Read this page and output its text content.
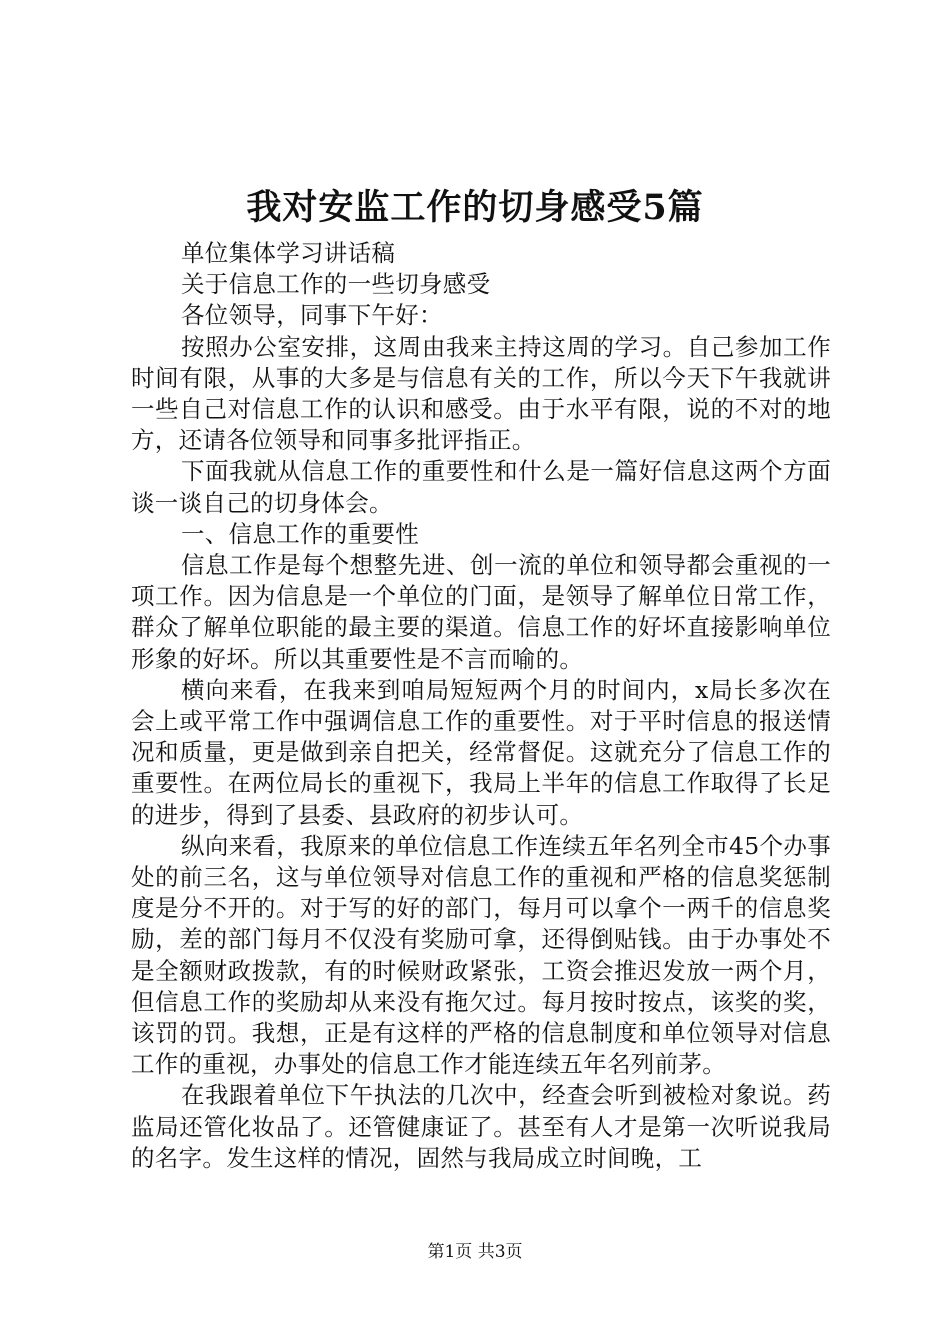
我对安监工作的切身感受5篇

单位集体学习讲话稿

关于信息工作的一些切身感受

各位领导，同事下午好：

按照办公室安排，这周由我来主持这周的学习。自己参加工作时间有限，从事的大多是与信息有关的工作，所以今天下午我就讲一些自己对信息工作的认识和感受。由于水平有限，说的不对的地方，还请各位领导和同事多批评指正。

下面我就从信息工作的重要性和什么是一篇好信息这两个方面谈一谈自己的切身体会。

一、信息工作的重要性

信息工作是每个想整先进、创一流的单位和领导都会重视的一项工作。因为信息是一个单位的门面，是领导了解单位日常工作，群众了解单位职能的最主要的渠道。信息工作的好坏直接影响单位形象的好坏。所以其重要性是不言而喻的。

横向来看，在我来到咱局短短两个月的时间内，x局长多次在会上或平常工作中强调信息工作的重要性。对于平时信息的报送情况和质量，更是做到亲自把关，经常督促。这就充分了信息工作的重要性。在两位局长的重视下，我局上半年的信息工作取得了长足的进步，得到了县委、县政府的初步认可。

纵向来看，我原来的单位信息工作连续五年名列全市45个办事处的前三名，这与单位领导对信息工作的重视和严格的信息奖惩制度是分不开的。对于写的好的部门，每月可以拿个一两千的信息奖励，差的部门每月不仅没有奖励可拿，还得倒贴钱。由于办事处不是全额财政拨款，有的时候财政紧张，工资会推迟发放一两个月，但信息工作的奖励却从来没有拖欠过。每月按时按点，该奖的奖，该罚的罚。我想，正是有这样的严格的信息制度和单位领导对信息工作的重视，办事处的信息工作才能连续五年名列前茅。

在我跟着单位下午执法的几次中，经查会听到被检对象说。药监局还管化妆品了。还管健康证了。甚至有人才是第一次听说我局的名字。发生这样的情况，固然与我局成立时间晚，工

第1页 共3页
